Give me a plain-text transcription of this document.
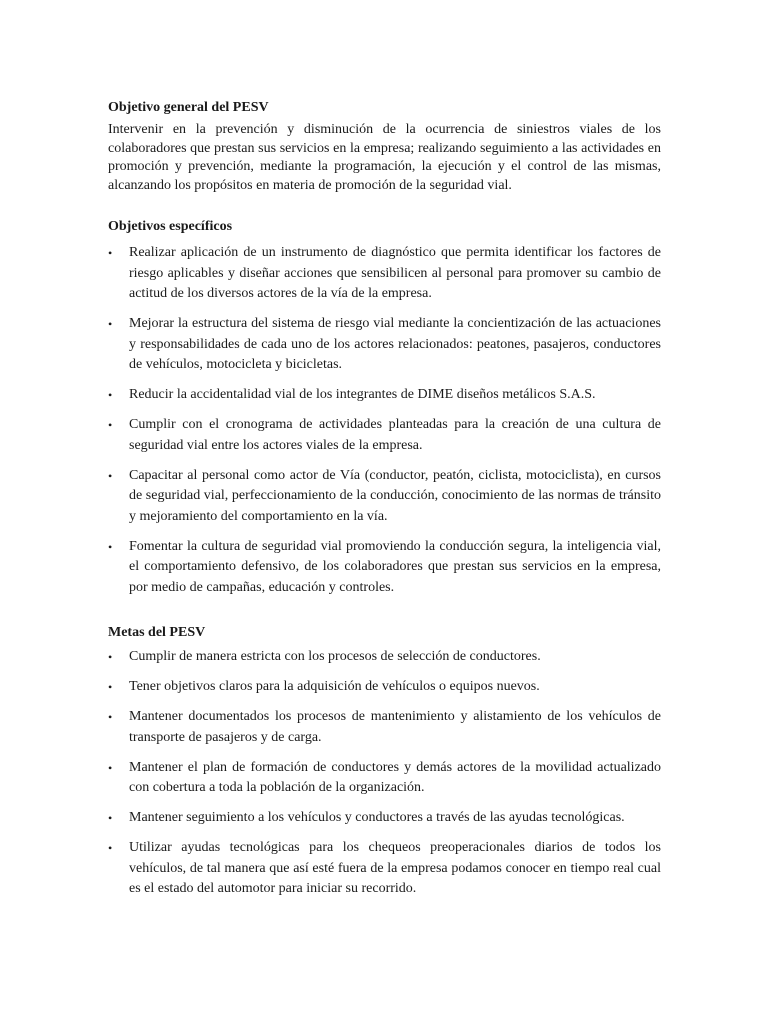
Objetivo general del PESV

Intervenir en la prevención y disminución de la ocurrencia de siniestros viales de los colaboradores que prestan sus servicios en la empresa; realizando seguimiento a las actividades en promoción y prevención, mediante la programación, la ejecución y el control de las mismas, alcanzando los propósitos en materia de promoción de la seguridad vial.

Objetivos específicos
• Realizar aplicación de un instrumento de diagnóstico que permita identificar los factores de riesgo aplicables y diseñar acciones que sensibilicen al personal para promover su cambio de actitud de los diversos actores de la vía de la empresa.
• Mejorar la estructura del sistema de riesgo vial mediante la concientización de las actuaciones y responsabilidades de cada uno de los actores relacionados: peatones, pasajeros, conductores de vehículos, motocicleta y bicicletas.
• Reducir la accidentalidad vial de los integrantes de DIME diseños metálicos S.A.S.
• Cumplir con el cronograma de actividades planteadas para la creación de una cultura de seguridad vial entre los actores viales de la empresa.
• Capacitar al personal como actor de Vía (conductor, peatón, ciclista, motociclista), en cursos de seguridad vial, perfeccionamiento de la conducción, conocimiento de las normas de tránsito y mejoramiento del comportamiento en la vía.
• Fomentar la cultura de seguridad vial promoviendo la conducción segura, la inteligencia vial, el comportamiento defensivo, de los colaboradores que prestan sus servicios en la empresa, por medio de campañas, educación y controles.
Metas del PESV
• Cumplir de manera estricta con los procesos de selección de conductores.
• Tener objetivos claros para la adquisición de vehículos o equipos nuevos.
• Mantener documentados los procesos de mantenimiento y alistamiento de los vehículos de transporte de pasajeros y de carga.
• Mantener el plan de formación de conductores y demás actores de la movilidad actualizado con cobertura a toda la población de la organización.
• Mantener seguimiento a los vehículos y conductores a través de las ayudas tecnológicas.
• Utilizar ayudas tecnológicas para los chequeos preoperacionales diarios de todos los vehículos, de tal manera que así esté fuera de la empresa podamos conocer en tiempo real cual es el estado del automotor para iniciar su recorrido.
